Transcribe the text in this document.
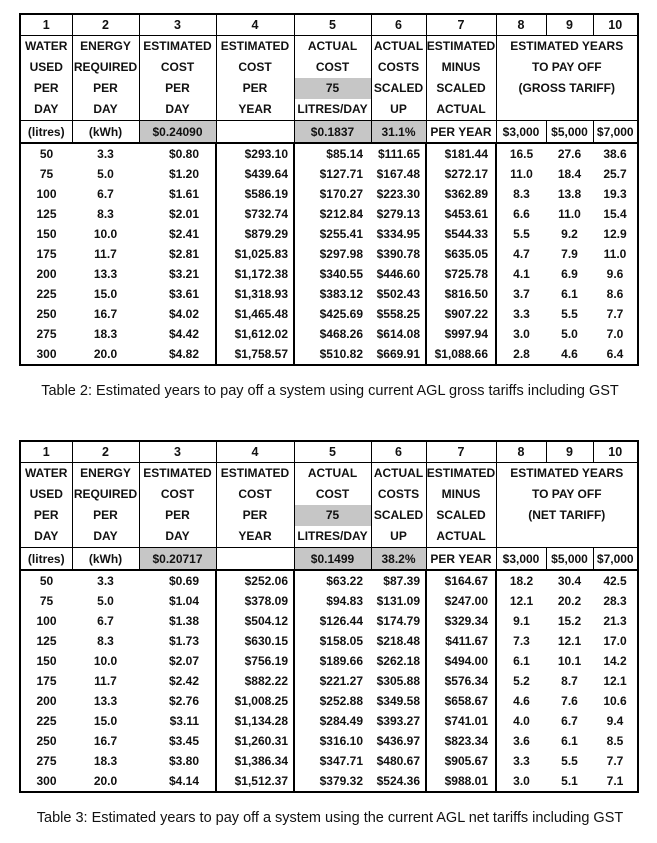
1	2	3	4	5	6	7	8	9	10

WATER
USED
PER
DAY

ENERGY
REQUIRED
PER
DAY

ESTIMATED
COST
PER
DAY

ESTIMATED
COST
PER
YEAR

ACTUAL
COST
75
LITRES/DAY

ACTUAL
COSTS
SCALED
UP

ESTIMATED
MINUS
SCALED
ACTUAL

ESTIMATED YEARS
TO PAY OFF
(GROSS TARIFF)

(litres)	(kWh)	$0.24090		$0.1837	31.1%	PER YEAR	$3,000	$5,000	$7,000
50	3.3	$0.80	$293.10	$85.14	$111.65	$181.44	16.5	27.6	38.6
75	5.0	$1.20	$439.64	$127.71	$167.48	$272.17	11.0	18.4	25.7
100	6.7	$1.61	$586.19	$170.27	$223.30	$362.89	8.3	13.8	19.3
125	8.3	$2.01	$732.74	$212.84	$279.13	$453.61	6.6	11.0	15.4
150	10.0	$2.41	$879.29	$255.41	$334.95	$544.33	5.5	9.2	12.9
175	11.7	$2.81	$1,025.83	$297.98	$390.78	$635.05	4.7	7.9	11.0
200	13.3	$3.21	$1,172.38	$340.55	$446.60	$725.78	4.1	6.9	9.6
225	15.0	$3.61	$1,318.93	$383.12	$502.43	$816.50	3.7	6.1	8.6
250	16.7	$4.02	$1,465.48	$425.69	$558.25	$907.22	3.3	5.5	7.7
275	18.3	$4.42	$1,612.02	$468.26	$614.08	$997.94	3.0	5.0	7.0
300	20.0	$4.82	$1,758.57	$510.82	$669.91	$1,088.66	2.8	4.6	6.4
Table 2: Estimated years to pay off a system using current AGL gross tariffs including GST
1	2	3	4	5	6	7	8	9	10

WATER
USED
PER
DAY

ENERGY
REQUIRED
PER
DAY

ESTIMATED
COST
PER
DAY

ESTIMATED
COST
PER
YEAR

ACTUAL
COST
75
LITRES/DAY

ACTUAL
COSTS
SCALED
UP

ESTIMATED
MINUS
SCALED
ACTUAL

ESTIMATED YEARS
TO PAY OFF
(NET TARIFF)

(litres)	(kWh)	$0.20717		$0.1499	38.2%	PER YEAR	$3,000	$5,000	$7,000
50	3.3	$0.69	$252.06	$63.22	$87.39	$164.67	18.2	30.4	42.5
75	5.0	$1.04	$378.09	$94.83	$131.09	$247.00	12.1	20.2	28.3
100	6.7	$1.38	$504.12	$126.44	$174.79	$329.34	9.1	15.2	21.3
125	8.3	$1.73	$630.15	$158.05	$218.48	$411.67	7.3	12.1	17.0
150	10.0	$2.07	$756.19	$189.66	$262.18	$494.00	6.1	10.1	14.2
175	11.7	$2.42	$882.22	$221.27	$305.88	$576.34	5.2	8.7	12.1
200	13.3	$2.76	$1,008.25	$252.88	$349.58	$658.67	4.6	7.6	10.6
225	15.0	$3.11	$1,134.28	$284.49	$393.27	$741.01	4.0	6.7	9.4
250	16.7	$3.45	$1,260.31	$316.10	$436.97	$823.34	3.6	6.1	8.5
275	18.3	$3.80	$1,386.34	$347.71	$480.67	$905.67	3.3	5.5	7.7
300	20.0	$4.14	$1,512.37	$379.32	$524.36	$988.01	3.0	5.1	7.1
Table 3: Estimated years to pay off a system using the current AGL net tariffs including GST
